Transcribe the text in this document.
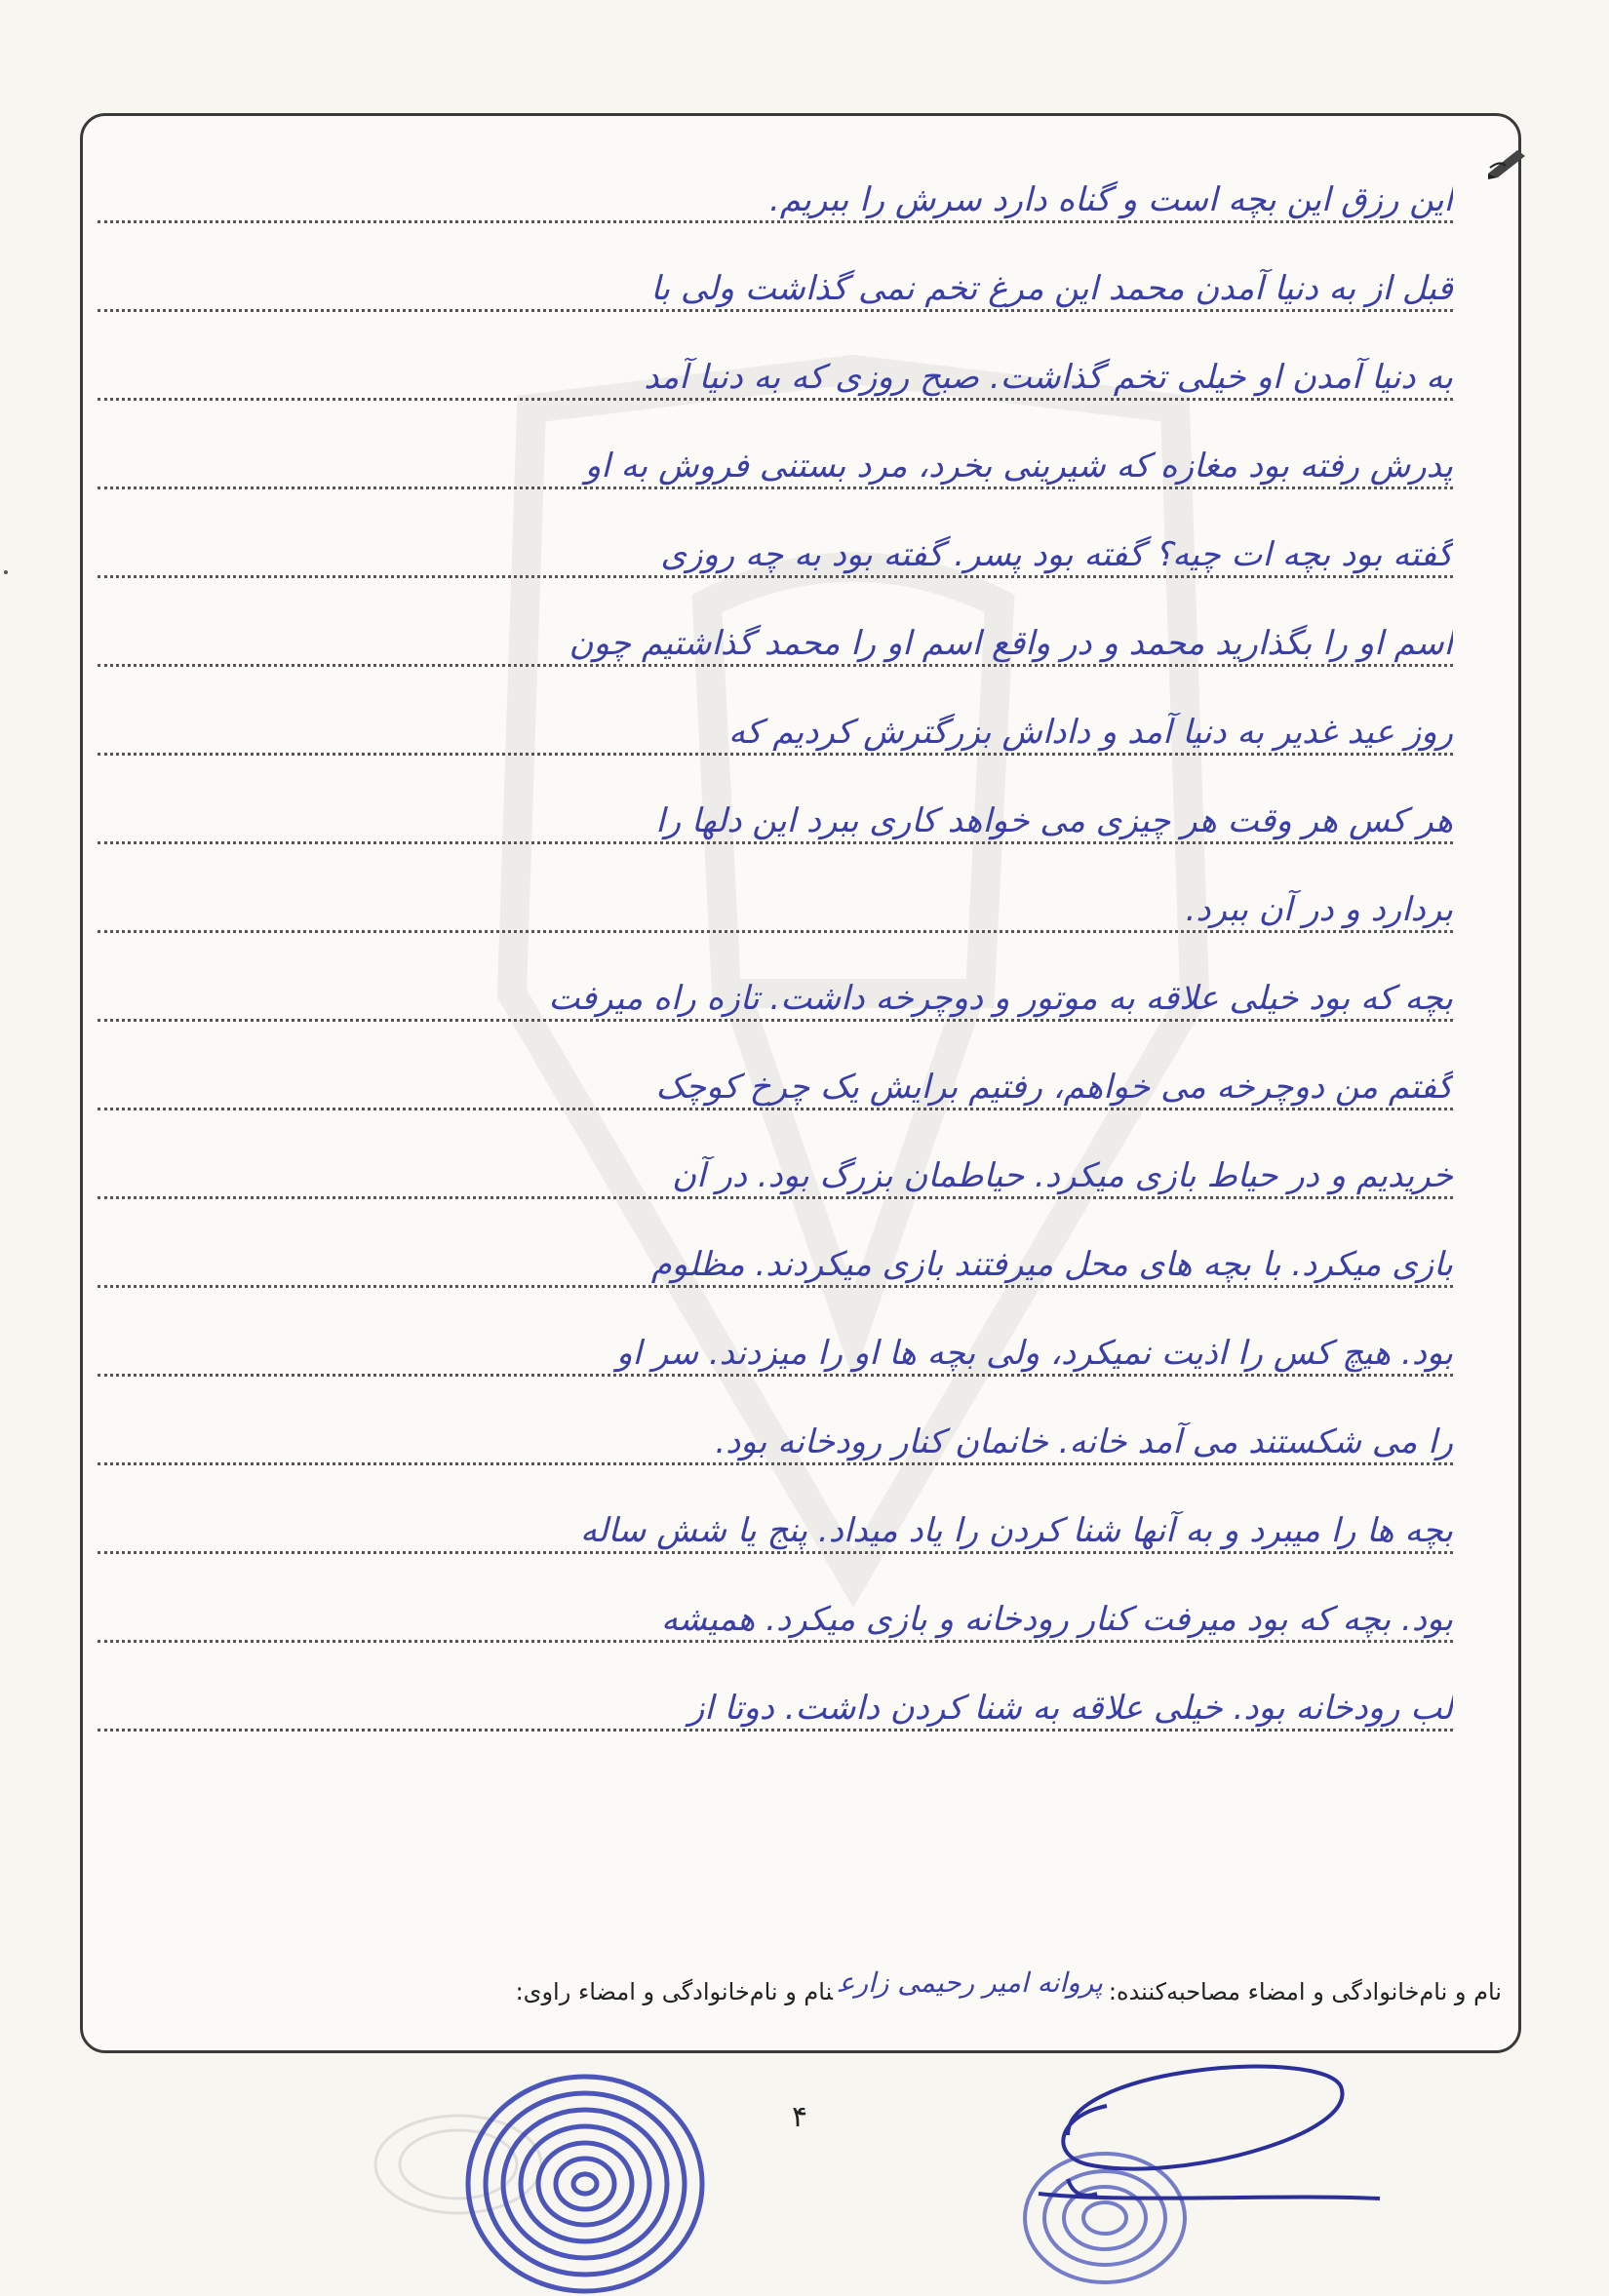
این رزق این بچه است و گناه دارد سرش را ببریم.
قبل از به دنیا آمدن محمد این مرغ تخم نمی گذاشت ولی با
به دنیا آمدن او خیلی تخم گذاشت. صبح روزی که به دنیا آمد
پدرش رفته بود مغازه که شیرینی بخرد، مرد بستنی فروش به او
گفته بود بچه ات چیه؟ گفته بود پسر. گفته بود به چه روزی
اسم او را بگذارید محمد و در واقع اسم او را محمد گذاشتیم چون
روز عید غدیر به دنیا آمد و داداش بزرگترش کردیم که
هر کس هر وقت هر چیزی می خواهد کاری ببرد این دلها را
بردارد و در آن ببرد.
بچه که بود خیلی علاقه به موتور و دوچرخه داشت. تازه راه میرفت
گفتم من دوچرخه می خواهم، رفتیم برایش یک چرخ کوچک
خریدیم و در حیاط بازی میکرد. حیاطمان بزرگ بود. در آن
بازی میکرد. با بچه های محل میرفتند بازی میکردند. مظلوم
بود. هیچ کس را اذیت نمیکرد، ولی بچه ها او را میزدند. سر او
را می شکستند می آمد خانه. خانمان کنار رودخانه بود.
بچه ها را میبرد و به آنها شنا کردن را یاد میداد. پنج یا شش ساله
بود. بچه که بود میرفت کنار رودخانه و بازی میکرد. همیشه
لب رودخانه بود. خیلی علاقه به شنا کردن داشت. دوتا از
نام و نام‌خانوادگی و امضاء مصاحبه‌کننده:پروانه امیر رحیمی زارعنام و نام‌خانوادگی و امضاء راوی:
۴
